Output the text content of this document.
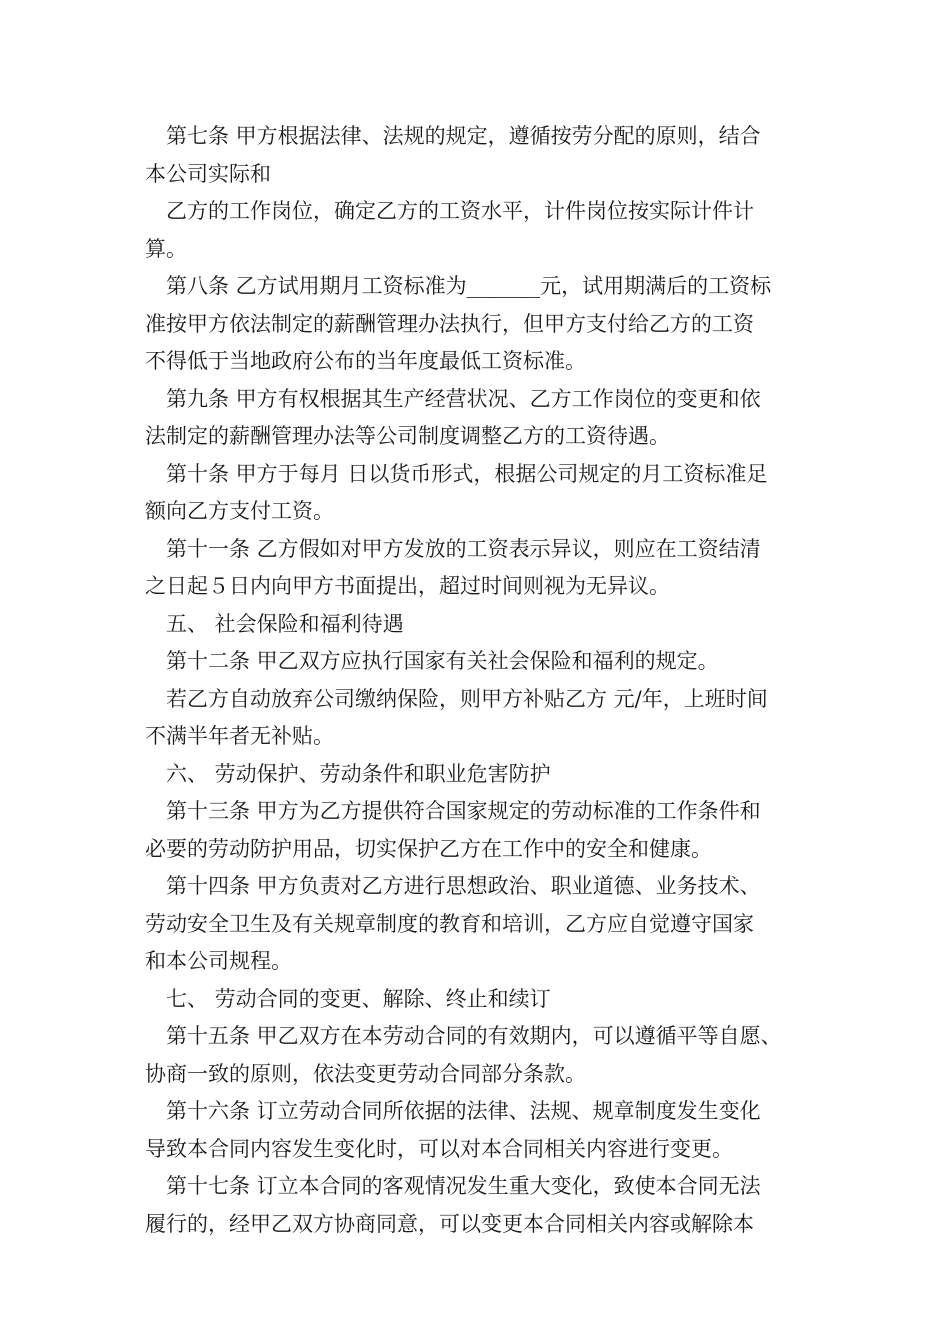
　第七条 甲方根据法律、法规的规定，遵循按劳分配的原则，结合
本公司实际和
　乙方的工作岗位，确定乙方的工资水平，计件岗位按实际计件计
算。
　第八条 乙方试用期月工资标准为_______元，试用期满后的工资标
准按甲方依法制定的薪酬管理办法执行，但甲方支付给乙方的工资
不得低于当地政府公布的当年度最低工资标准。
　第九条 甲方有权根据其生产经营状况、乙方工作岗位的变更和依
法制定的薪酬管理办法等公司制度调整乙方的工资待遇。
　第十条 甲方于每月 日以货币形式，根据公司规定的月工资标准足
额向乙方支付工资。
　第十一条 乙方假如对甲方发放的工资表示异议，则应在工资结清
之日起５日内向甲方书面提出，超过时间则视为无异议。
　五、 社会保险和福利待遇
　第十二条 甲乙双方应执行国家有关社会保险和福利的规定。
　若乙方自动放弃公司缴纳保险，则甲方补贴乙方 元/年，上班时间
不满半年者无补贴。
　六、 劳动保护、劳动条件和职业危害防护
　第十三条 甲方为乙方提供符合国家规定的劳动标准的工作条件和
必要的劳动防护用品，切实保护乙方在工作中的安全和健康。
　第十四条 甲方负责对乙方进行思想政治、职业道德、业务技术、
劳动安全卫生及有关规章制度的教育和培训，乙方应自觉遵守国家
和本公司规程。
　七、 劳动合同的变更、解除、终止和续订
　第十五条 甲乙双方在本劳动合同的有效期内，可以遵循平等自愿、
协商一致的原则，依法变更劳动合同部分条款。
　第十六条 订立劳动合同所依据的法律、法规、规章制度发生变化
导致本合同内容发生变化时，可以对本合同相关内容进行变更。
　第十七条 订立本合同的客观情况发生重大变化，致使本合同无法
履行的，经甲乙双方协商同意，可以变更本合同相关内容或解除本
